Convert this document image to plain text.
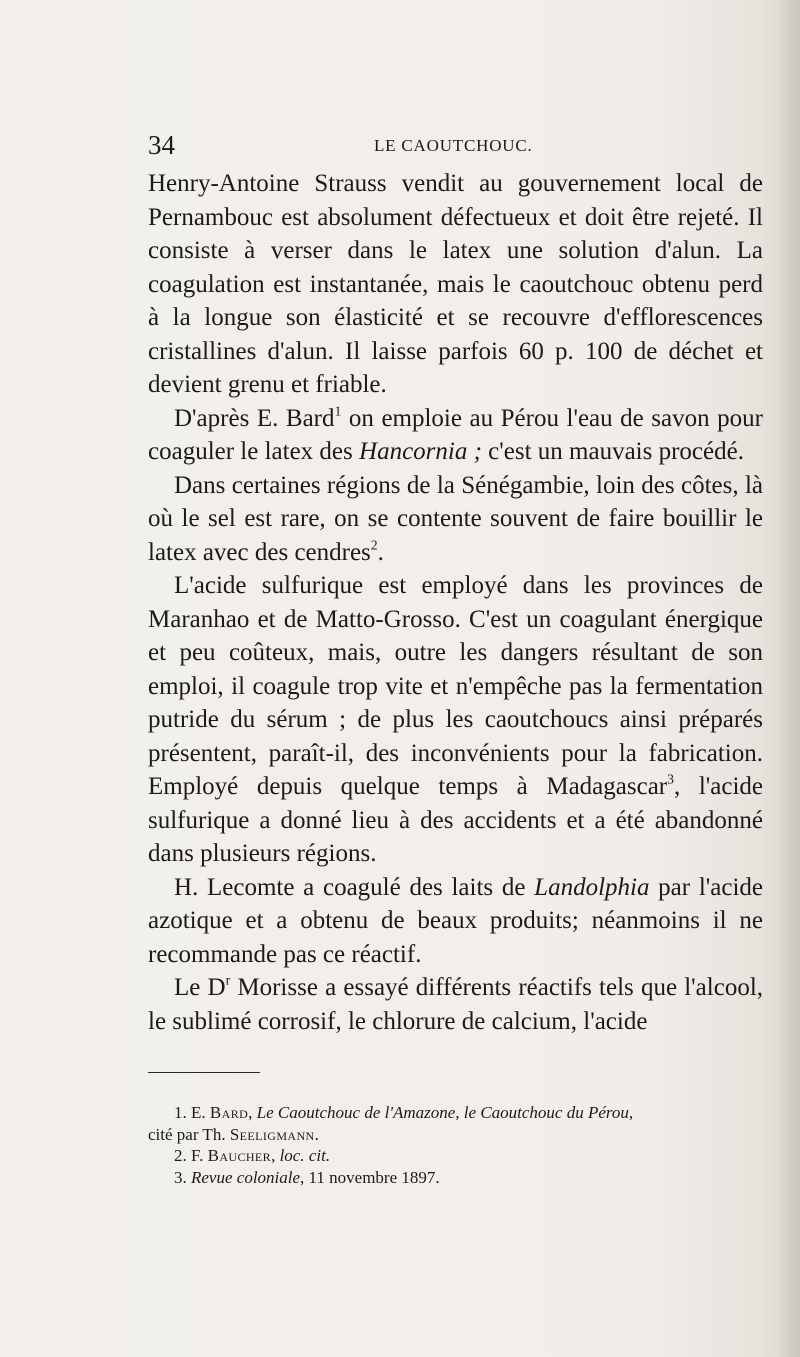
34	LE CAOUTCHOUC.

Henry-Antoine Strauss vendit au gouvernement local de Pernambouc est absolument défectueux et doit être rejeté. Il consiste à verser dans le latex une solution d'alun. La coagulation est instantanée, mais le caoutchouc obtenu perd à la longue son élasticité et se recouvre d'efflorescences cristallines d'alun. Il laisse parfois 60 p. 100 de déchet et devient grenu et friable.

D'après E. Bard$^1$ on emploie au Pérou l'eau de savon pour coaguler le latex des Hancornia ; c'est un mauvais procédé.

Dans certaines régions de la Sénégambie, loin des côtes, là où le sel est rare, on se contente souvent de faire bouillir le latex avec des cendres$^2$.

L'acide sulfurique est employé dans les provinces de Maranhao et de Matto-Grosso. C'est un coagulant énergique et peu coûteux, mais, outre les dangers résultant de son emploi, il coagule trop vite et n'empêche pas la fermentation putride du sérum ; de plus les caoutchoucs ainsi préparés présentent, paraît-il, des inconvénients pour la fabrication. Employé depuis quelque temps à Madagascar$^3$, l'acide sulfurique a donné lieu à des accidents et a été abandonné dans plusieurs régions.

H. Lecomte a coagulé des laits de Landolphia par l'acide azotique et a obtenu de beaux produits; néanmoins il ne recommande pas ce réactif.

Le $D^r$ Morisse a essayé différents réactifs tels que l'alcool, le sublimé corrosif, le chlorure de calcium, l'acide

1. E. Bard, Le Caoutchouc de l'Amazone, le Caoutchouc du Pérou,

cité par Th. Seeligmann.

2. F. Baucher, loc. cit.

3. Revue coloniale, 11 novembre 1897.
